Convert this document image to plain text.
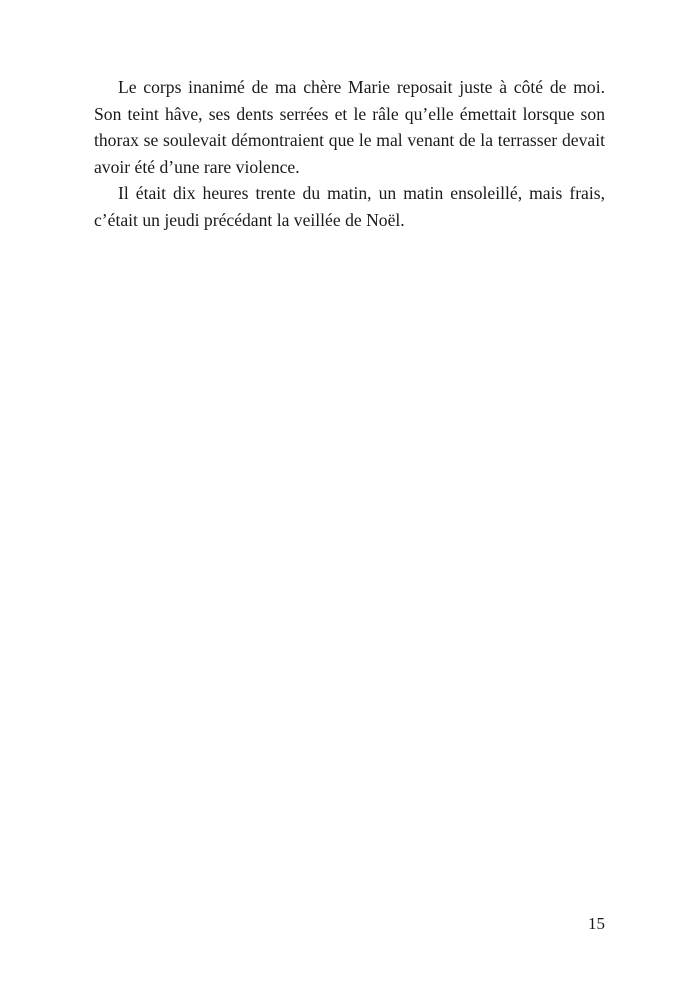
Le corps inanimé de ma chère Marie reposait juste à côté de moi. Son teint hâve, ses dents serrées et le râle qu’elle émettait lorsque son thorax se soulevait démontraient que le mal venant de la terrasser devait avoir été d’une rare violence.

Il était dix heures trente du matin, un matin ensoleillé, mais frais, c’était un jeudi précédant la veillée de Noël.

15
